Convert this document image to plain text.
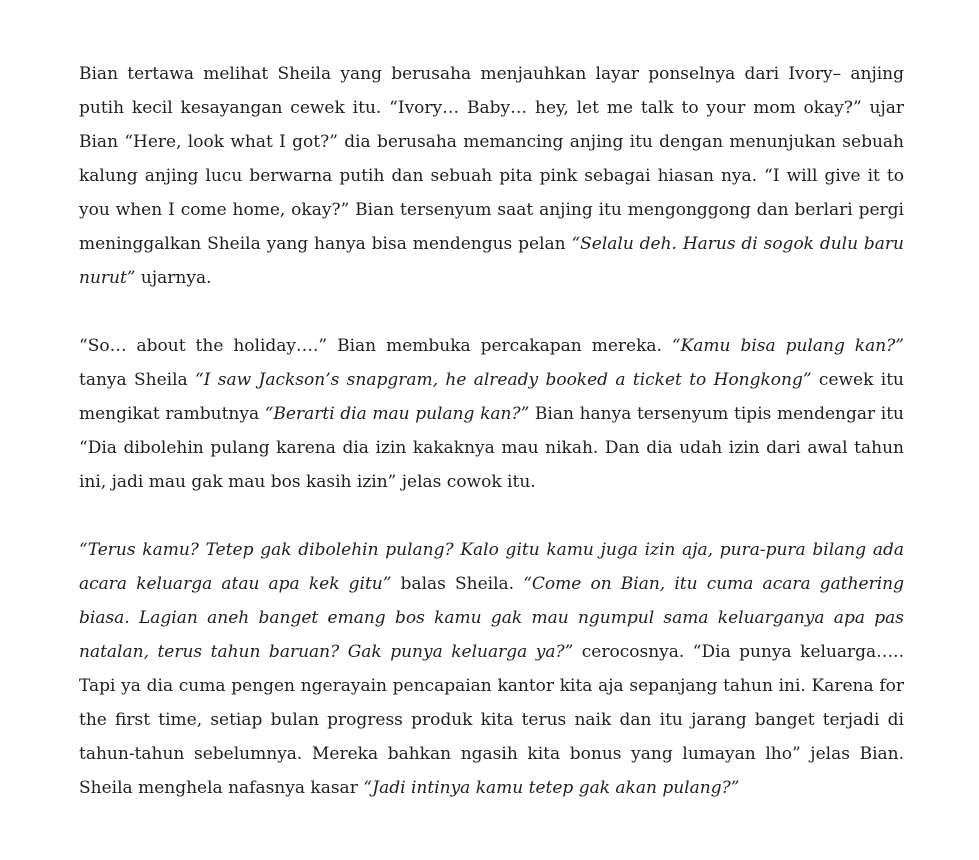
Bian tertawa melihat Sheila yang berusaha menjauhkan layar ponselnya dari Ivory– anjing putih kecil kesayangan cewek itu. “Ivory… Baby… hey, let me talk to your mom okay?” ujar Bian “Here, look what I got?” dia berusaha memancing anjing itu dengan menunjukan sebuah kalung anjing lucu berwarna putih dan sebuah pita pink sebagai hiasan nya. “I will give it to you when I come home, okay?” Bian tersenyum saat anjing itu mengonggong dan berlari pergi meninggalkan Sheila yang hanya bisa mendengus pelan “Selalu deh. Harus di sogok dulu baru nurut” ujarnya.

“So… about the holiday….” Bian membuka percakapan mereka. “Kamu bisa pulang kan?” tanya Sheila “I saw Jackson’s snapgram, he already booked a ticket to Hongkong” cewek itu mengikat rambutnya “Berarti dia mau pulang kan?” Bian hanya tersenyum tipis mendengar itu “Dia dibolehin pulang karena dia izin kakaknya mau nikah. Dan dia udah izin dari awal tahun ini, jadi mau gak mau bos kasih izin” jelas cowok itu.

“Terus kamu? Tetep gak dibolehin pulang? Kalo gitu kamu juga izin aja, pura-pura bilang ada acara keluarga atau apa kek gitu” balas Sheila. “Come on Bian, itu cuma acara gathering biasa. Lagian aneh banget emang bos kamu gak mau ngumpul sama keluarganya apa pas natalan, terus tahun baruan? Gak punya keluarga ya?” cerocosnya. “Dia punya keluarga….. Tapi ya dia cuma pengen ngerayain pencapaian kantor kita aja sepanjang tahun ini. Karena for the first time, setiap bulan progress produk kita terus naik dan itu jarang banget terjadi di tahun-tahun sebelumnya. Mereka bahkan ngasih kita bonus yang lumayan lho” jelas Bian. Sheila menghela nafasnya kasar “Jadi intinya kamu tetep gak akan pulang?”
